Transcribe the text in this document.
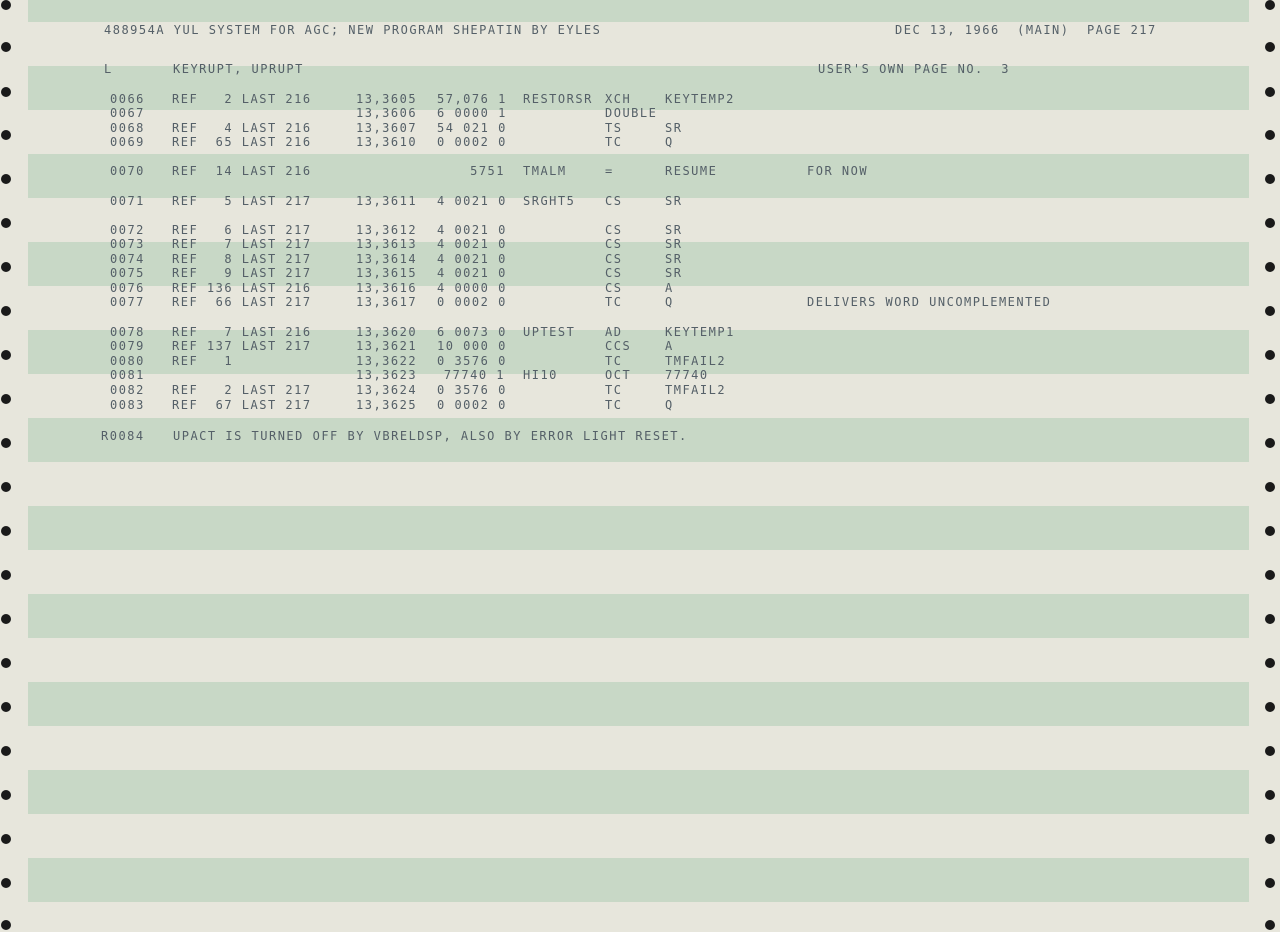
488954A YUL SYSTEM FOR AGC; NEW PROGRAM SHEPATIN BY EYLES	DEC 13, 1966  (MAIN)  PAGE 217
L	KEYRUPT, UPRUPT	USER'S OWN PAGE NO.  3
0066 REF   2 LAST 216	13,3605 57,076 1 RESTORSR XCH	KEYTEMP2
0067	13,3606 6 0000 1	DOUBLE
0068 REF   4 LAST 216	13,3607 54 021 0	TS	SR
0069 REF  65 LAST 216	13,3610 0 0002 0	TC	Q
0070 REF  14 LAST 216	5751 TMALM	=	RESUME	FOR NOW
0071 REF   5 LAST 217	13,3611 4 0021 0 SRGHT5 CS	SR
0072 REF   6 LAST 217	13,3612 4 0021 0	CS	SR
0073 REF   7 LAST 217	13,3613 4 0021 0	CS	SR
0074 REF   8 LAST 217	13,3614 4 0021 0	CS	SR
0075 REF   9 LAST 217	13,3615 4 0021 0	CS	SR
0076 REF 136 LAST 216	13,3616 4 0000 0	CS	A
0077 REF  66 LAST 217	13,3617 0 0002 0	TC	Q	DELIVERS WORD UNCOMPLEMENTED
0078 REF   7 LAST 216	13,3620 6 0073 0 UPTEST AD	KEYTEMP1
0079 REF 137 LAST 217	13,3621 10 000 0	CCS	A
0080 REF   1	13,3622 0 3576 0	TC	TMFAIL2
0081	13,3623	77740 1 HI10	OCT	77740
0082 REF   2 LAST 217	13,3624 0 3576 0	TC	TMFAIL2
0083 REF  67 LAST 217	13,3625 0 0002 0	TC	Q
R0084 UPACT IS TURNED OFF BY VBRELDSP, ALSO BY ERROR LIGHT RESET.
